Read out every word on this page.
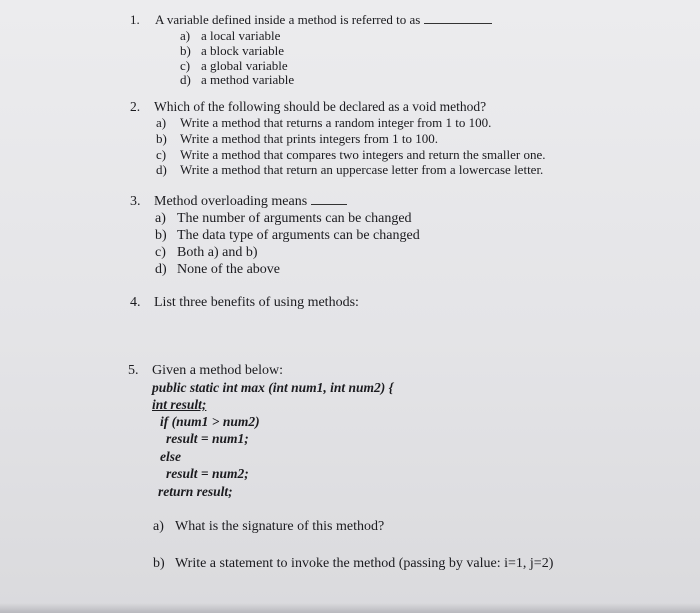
1.	A variable defined inside a method is referred to as
a) a local variable
b) a block variable
c) a global variable
d) a method variable
2. Which of the following should be declared as a void method?
a) Write a method that returns a random integer from 1 to 100.
b) Write a method that prints integers from 1 to 100.
c) Write a method that compares two integers and return the smaller one.
d) Write a method that return an uppercase letter from a lowercase letter.
3. Method overloading means
a) The number of arguments can be changed
b) The data type of arguments can be changed
c) Both a) and b)
d) None of the above
4. List three benefits of using methods:
5. Given a method below:
public static int max (int num1, int num2) {
int result;
if (num1 > num2)
result = num1;
else
result = num2;
return result;
a) What is the signature of this method?
b) Write a statement to invoke the method (passing by value: i=1, j=2)
